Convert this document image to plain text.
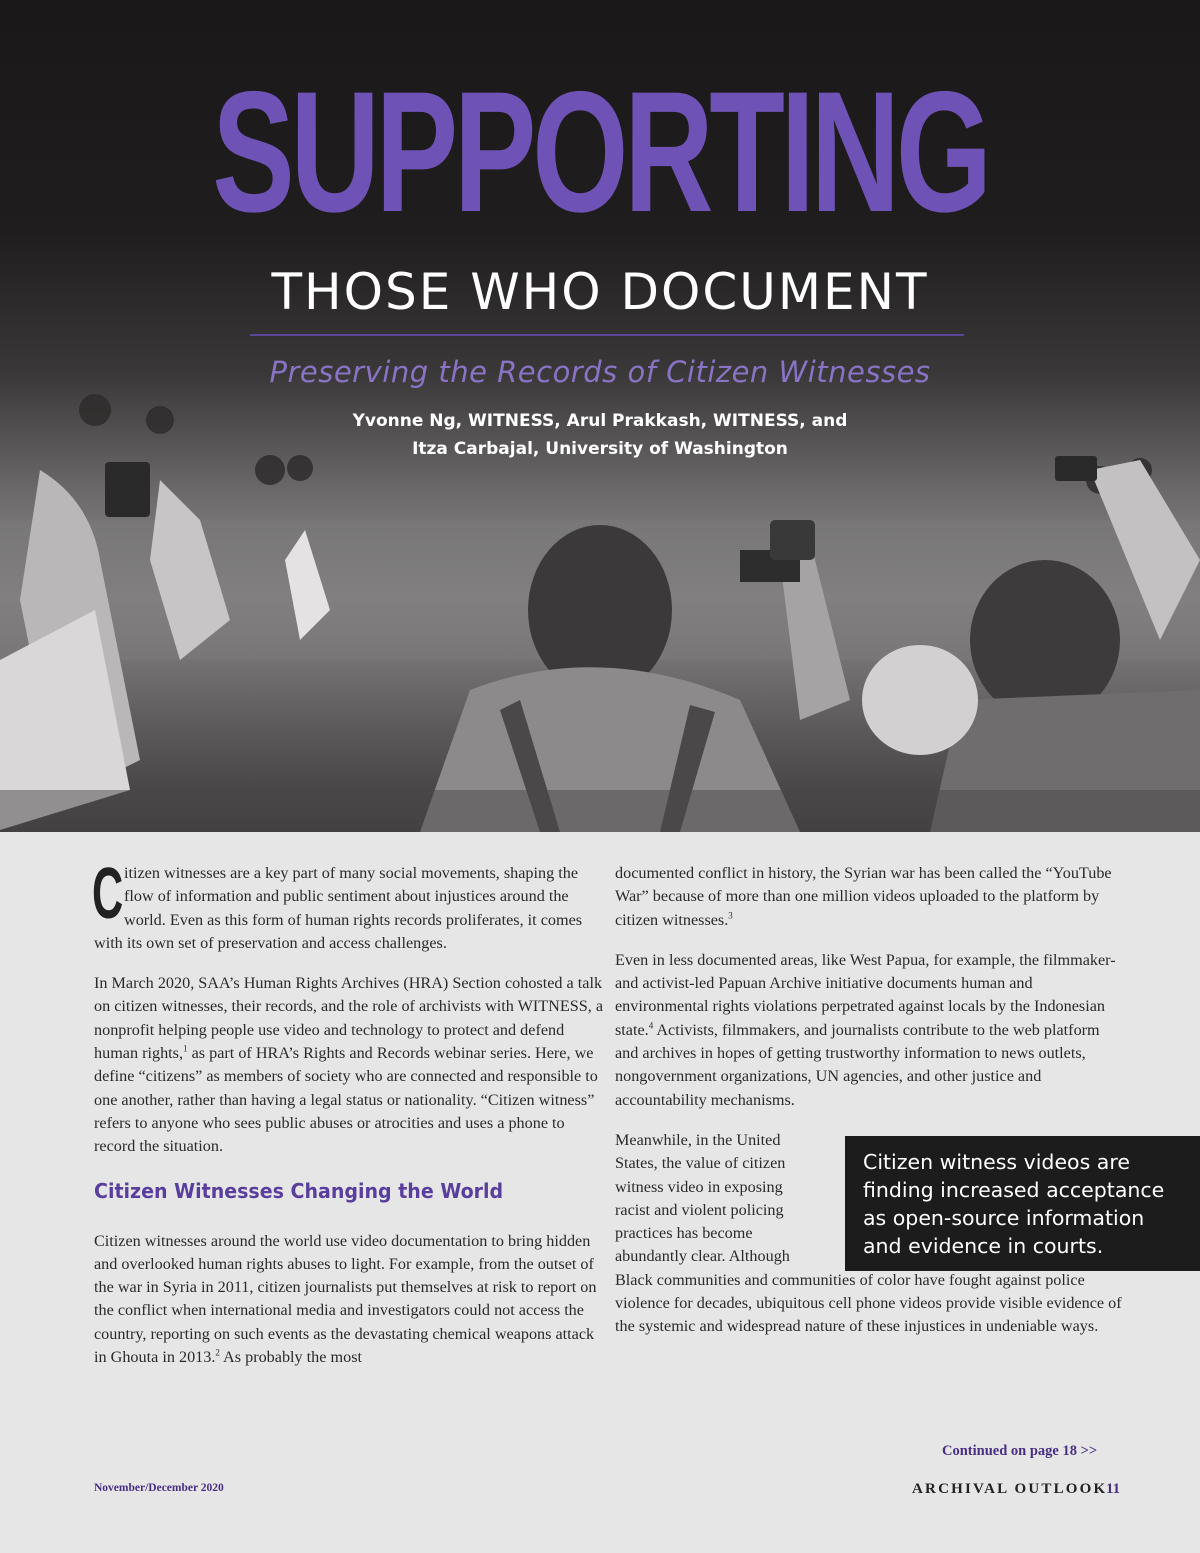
SUPPORTING
THOSE WHO DOCUMENT
Preserving the Records of Citizen Witnesses
Yvonne Ng, WITNESS, Arul Prakkash, WITNESS, and
Itza Carbajal, University of Washington

Citizen witnesses are a key part of many social movements, shaping the flow of information and public sentiment about injustices around the world. Even as this form of human rights records proliferates, it comes with its own set of preservation and access challenges.

In March 2020, SAA’s Human Rights Archives (HRA) Section cohosted a talk on citizen witnesses, their records, and the role of archivists with WITNESS, a nonprofit helping people use video and technology to protect and defend human rights,$^1$ as part of HRA’s Rights and Records webinar series. Here, we define “citizens” as members of society who are connected and responsible to one another, rather than having a legal status or nationality. “Citizen witness” refers to anyone who sees public abuses or atrocities and uses a phone to record the situation.

Citizen Witnesses Changing the World

Citizen witnesses around the world use video documentation to bring hidden and overlooked human rights abuses to light. For example, from the outset of the war in Syria in 2011, citizen journalists put themselves at risk to report on the conflict when international media and investigators could not access the country, reporting on such events as the devastating chemical weapons attack in Ghouta in 2013.$^2$ As probably the most

documented conflict in history, the Syrian war has been called the “YouTube War” because of more than one million videos uploaded to the platform by citizen witnesses.$^3$

Even in less documented areas, like West Papua, for example, the filmmaker- and activist-led Papuan Archive initiative documents human and environmental rights violations perpetrated against locals by the Indonesian state.$^4$ Activists, filmmakers, and journalists contribute to the web platform and archives in hopes of getting trustworthy information to news outlets, nongovernment organizations, UN agencies, and other justice and accountability mechanisms.

Meanwhile, in the United States, the value of citizen witness video in exposing racist and violent policing practices has become abundantly clear. Although
Black communities and communities of color have fought against police violence for decades, ubiquitous cell phone videos provide visible evidence of the systemic and widespread nature of these injustices in undeniable ways.
Citizen witness videos are finding increased acceptance as open-source information and evidence in courts.
Continued on page 18 >>
November/December 2020	ARCHIVAL OUTLOOK
11
